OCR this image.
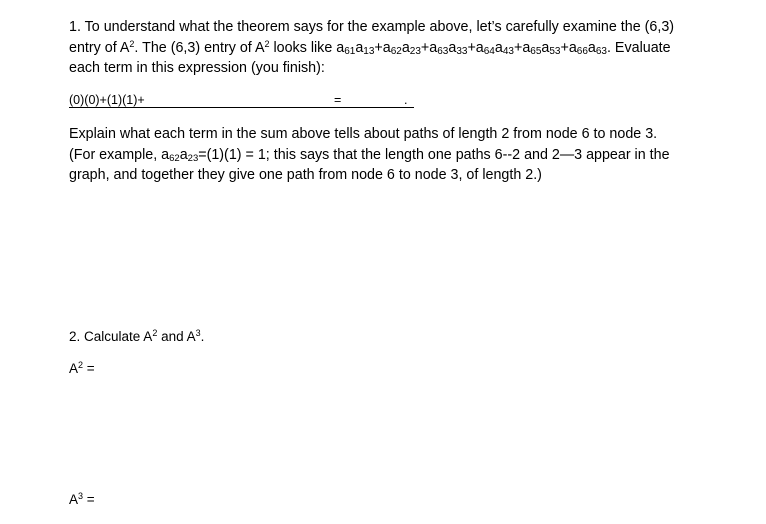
1. To understand what the theorem says for the example above, let’s carefully examine the (6,3)
entry of $A^2$. The (6,3) entry of $A^2$ looks like $a_{61}a_{13}+a_{62}a_{23}+a_{63}a_{33}+a_{64}a_{43}+a_{65}a_{53}+a_{66}a_{63}$. Evaluate
each term in this expression (you finish):
(0)(0)+(1)(1)+	=	.
Explain what each term in the sum above tells about paths of length 2 from node 6 to node 3.
(For example, $a_{62}a_{23}=(1)(1) = 1$; this says that the length one paths 6--2 and 2—3 appear in the
graph, and together they give one path from node 6 to node 3, of length 2.)
2. Calculate $A^2$ and $A^3$.
$A^2$ =
$A^3$ =
